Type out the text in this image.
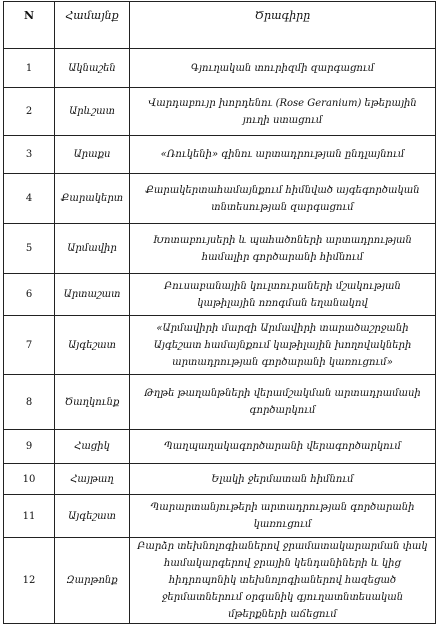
N	Համայնք	Ծրագիրը
1	Ակնաշեն	Գյուղական տուրիզմի զարգացում
2	Արևշատ	Վարդաբույր խորդենու (Rose Geranium) եթերային յուղի ստացում
3	Արաքս	«Ռուկենի» գինու արտադրության ընդլայնում
4	Քարակերտ	Քարակերտահամայնքում հիմնված այգեգործական տնտեսության զարգացում
5	Արմավիր	Խոտաբույսերի և պահածոների արտադրության համալիր գործարանի հիմնում
6	Արտաշատ	Բուսաբանային կուլտուրաների մշակության կաթիլային ոռոգման եղանակով
7	Այգեշատ	«Արմավիրի մարզի Արմավիրի տարածաշրջանի Այգեշատ համայնքում կաթիլային խողովակների արտադրության գործարանի կառուցում»
8	Ծաղկունք	Թղթե թաղանթների վերամշակման արտադրամասի գործարկում
9	Հացիկ	Պաղպաղակագործարանի վերագործարկում
10	Հայթաղ	Ելակի ջերմատան հիմնում
11	Այգեշատ	Պարարտանյութերի արտադրության գործարանի կառուցում
12	Զարթոնք	Բարձր տեխնոլոգիաներով ջրամատակարարման փակ համակարգերով ջրային կենդանիների և կից հիդրոպոնիկ տեխնոլոգիաներով հազեցած ջերմատներում օրգանիկ գյուղատնտեսական մթերքների աճեցում
